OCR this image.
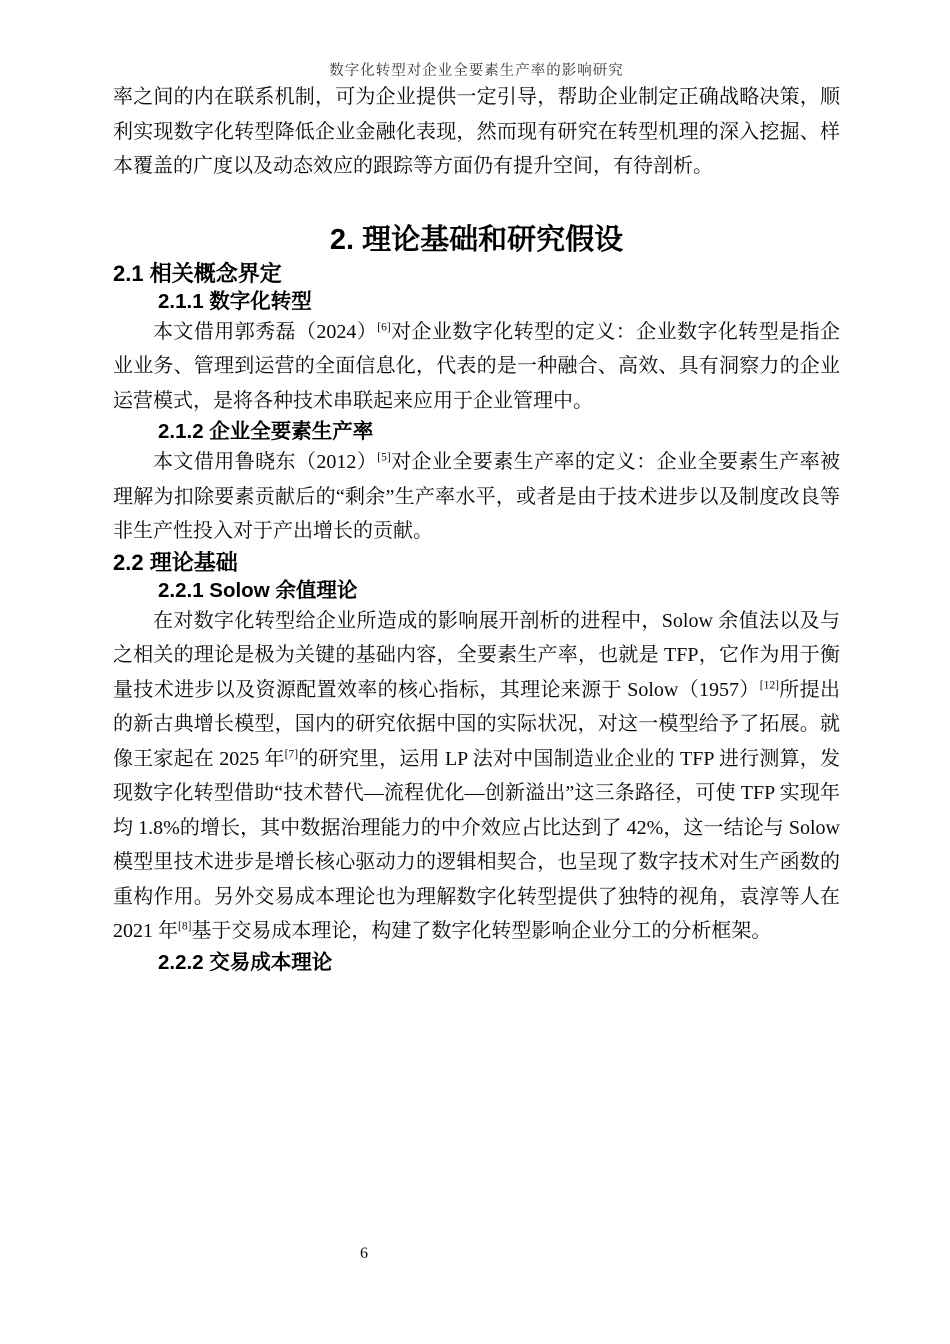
数字化转型对企业全要素生产率的影响研究

率之间的内在联系机制，可为企业提供一定引导，帮助企业制定正确战略决策，顺利实现数字化转型降低企业金融化表现，然而现有研究在转型机理的深入挖掘、样本覆盖的广度以及动态效应的跟踪等方面仍有提升空间，有待剖析。

2. 理论基础和研究假设
2.1 相关概念界定
2.1.1 数字化转型

本文借用郭秀磊（2024）[6]对企业数字化转型的定义：企业数字化转型是指企业业务、管理到运营的全面信息化，代表的是一种融合、高效、具有洞察力的企业运营模式，是将各种技术串联起来应用于企业管理中。

2.1.2 企业全要素生产率

本文借用鲁晓东（2012）[5]对企业全要素生产率的定义：企业全要素生产率被理解为扣除要素贡献后的“剩余”生产率水平，或者是由于技术进步以及制度改良等非生产性投入对于产出增长的贡献。

2.2 理论基础
2.2.1 Solow 余值理论

在对数字化转型给企业所造成的影响展开剖析的进程中，Solow 余值法以及与之相关的理论是极为关键的基础内容，全要素生产率，也就是 TFP，它作为用于衡量技术进步以及资源配置效率的核心指标，其理论来源于 Solow（1957）[12]所提出的新古典增长模型，国内的研究依据中国的实际状况，对这一模型给予了拓展。就像王家起在 2025 年[7]的研究里，运用 LP 法对中国制造业企业的 TFP 进行测算，发现数字化转型借助“技术替代—流程优化—创新溢出”这三条路径，可使 TFP 实现年均 1.8%的增长，其中数据治理能力的中介效应占比达到了 42%，这一结论与 Solow 模型里技术进步是增长核心驱动力的逻辑相契合，也呈现了数字技术对生产函数的重构作用。另外交易成本理论也为理解数字化转型提供了独特的视角，袁淳等人在 2021 年[8]基于交易成本理论，构建了数字化转型影响企业分工的分析框架。

2.2.2 交易成本理论
6
